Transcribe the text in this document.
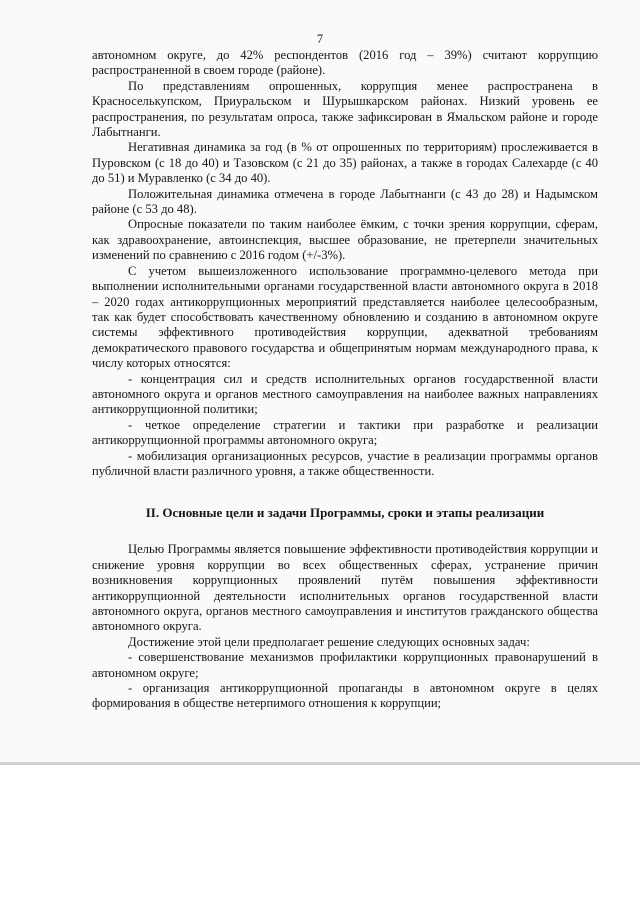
7

автономном округе, до 42% респондентов (2016 год – 39%) считают коррупцию распространенной в своем городе (районе).

По представлениям опрошенных, коррупция менее распространена в Красноселькупском, Приуральском и Шурышкарском районах. Низкий уровень ее распространения, по результатам опроса, также зафиксирован в Ямальском районе и городе Лабытнанги.

Негативная динамика за год (в % от опрошенных по территориям) прослеживается в Пуровском (с 18 до 40) и Тазовском (с 21 до 35) районах, а также в городах Салехарде (с 40 до 51) и Муравленко (с 34 до 40).

Положительная динамика отмечена в городе Лабытнанги (с 43 до 28) и Надымском районе (с 53 до 48).

Опросные показатели по таким наиболее ёмким, с точки зрения коррупции, сферам, как здравоохранение, автоинспекция, высшее образование, не претерпели значительных изменений по сравнению с 2016 годом (+/-3%).

С учетом вышеизложенного использование программно-целевого метода при выполнении исполнительными органами государственной власти автономного округа в 2018 – 2020 годах антикоррупционных мероприятий представляется наиболее целесообразным, так как будет способствовать качественному обновлению и созданию в автономном округе системы эффективного противодействия коррупции, адекватной требованиям демократического правового государства и общепринятым нормам международного права, к числу которых относятся:

- концентрация сил и средств исполнительных органов государственной власти автономного округа и органов местного самоуправления на наиболее важных направлениях антикоррупционной политики;

- четкое определение стратегии и тактики при разработке и реализации антикоррупционной программы автономного округа;

- мобилизация организационных ресурсов, участие в реализации программы органов публичной власти различного уровня, а также общественности.

II. Основные цели и задачи Программы, сроки и этапы реализации

Целью Программы является повышение эффективности противодействия коррупции и снижение уровня коррупции во всех общественных сферах, устранение причин возникновения коррупционных проявлений путём повышения эффективности антикоррупционной деятельности исполнительных органов государственной власти автономного округа, органов местного самоуправления и институтов гражданского общества автономного округа.

Достижение этой цели предполагает решение следующих основных задач:

- совершенствование механизмов профилактики коррупционных правонарушений в автономном округе;

- организация антикоррупционной пропаганды в автономном округе в целях формирования в обществе нетерпимого отношения к коррупции;
